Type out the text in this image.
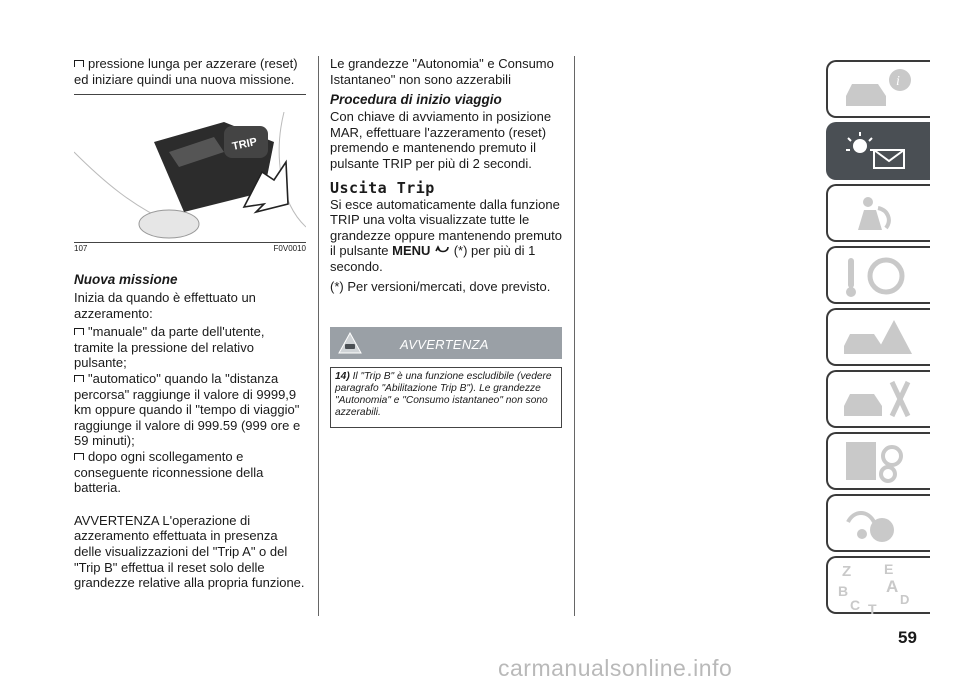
pressione lunga per azzerare (reset) ed iniziare quindi una nuova missione.

TRIP
107	F0V0010

Nuova missione

Inizia da quando è effettuato un azzeramento:

"manuale" da parte dell'utente, tramite la pressione del relativo pulsante;

"automatico" quando la "distanza percorsa" raggiunge il valore di 9999,9 km oppure quando il "tempo di viaggio" raggiunge il valore di 999.59 (999 ore e 59 minuti);

dopo ogni scollegamento e conseguente riconnessione della batteria.

AVVERTENZA L'operazione di azzeramento effettuata in presenza delle visualizzazioni del "Trip A" o del "Trip B" effettua il reset solo delle grandezze relative alla propria funzione.

Le grandezze "Autonomia" e Consumo Istantaneo" non sono azzerabili

Procedura di inizio viaggio

Con chiave di avviamento in posizione MAR, effettuare l'azzeramento (reset) premendo e mantenendo premuto il pulsante TRIP per più di 2 secondi.

Uscita Trip

Si esce automaticamente dalla funzione TRIP una volta visualizzate tutte le grandezze oppure mantenendo premuto il pulsante MENU (*) per più di 1 secondo.

(*) Per versioni/mercati, dove previsto.

AVVERTENZA
14) Il "Trip B" è una funzione escludibile (vedere paragrafo "Abilitazione Trip B"). Le grandezze "Autonomia" e "Consumo istantaneo" non sono azzerabili.
i
Z E
B A
C	D
T
59
carmanualsonline.info
